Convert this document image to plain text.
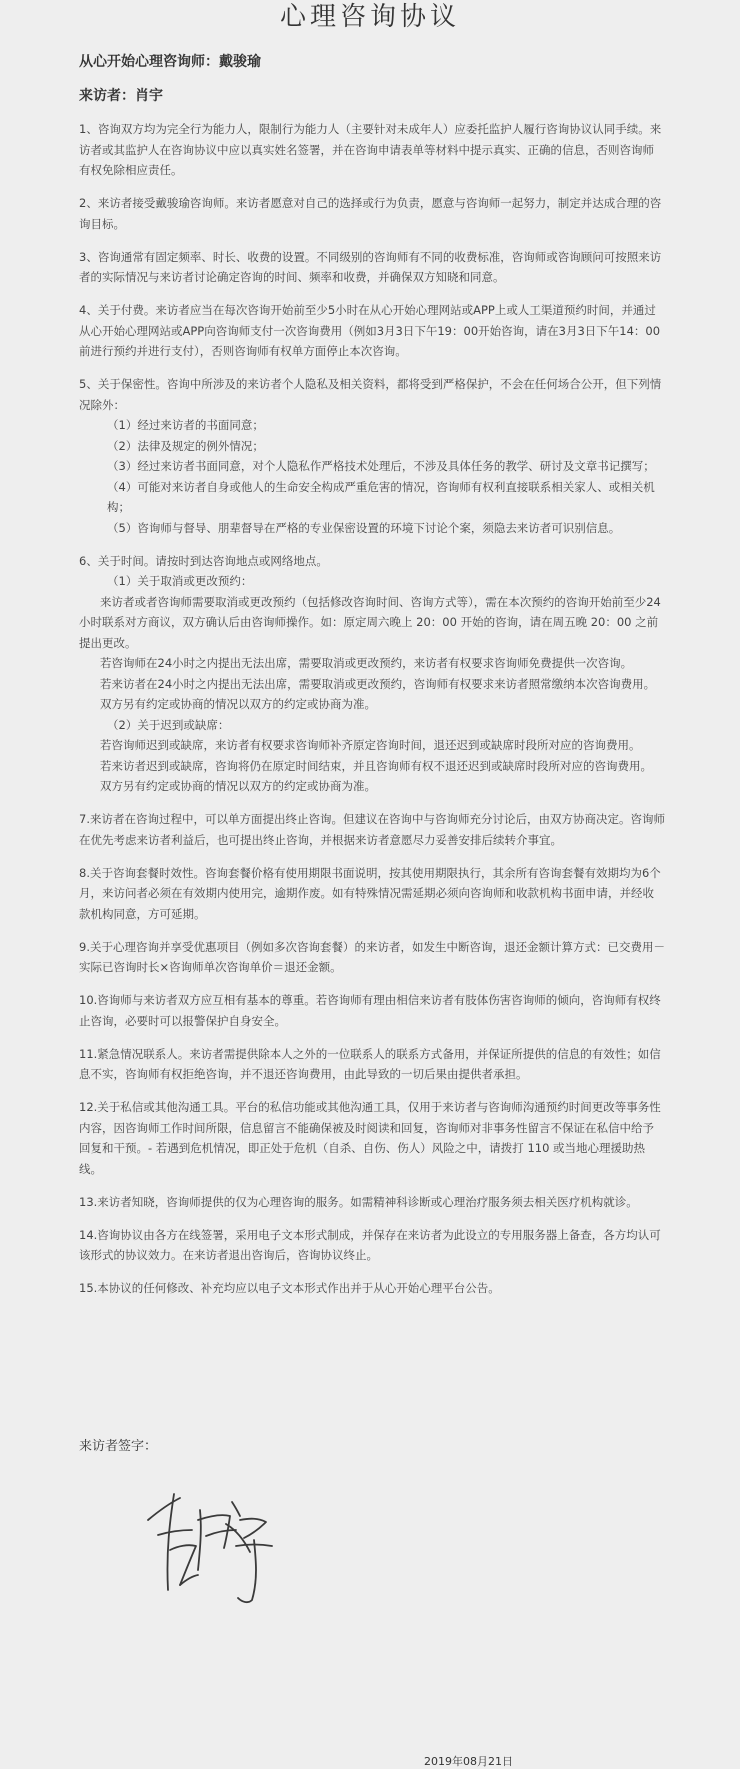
心理咨询协议
从心开始心理咨询师：戴骏瑜
来访者：肖宇

1、咨询双方均为完全行为能力人，限制行为能力人（主要针对未成年人）应委托监护人履行咨询协议认同手续。来访者或其监护人在咨询协议中应以真实姓名签署，并在咨询申请表单等材料中提示真实、正确的信息，否则咨询师有权免除相应责任。

2、来访者接受戴骏瑜咨询师。来访者愿意对自己的选择或行为负责，愿意与咨询师一起努力，制定并达成合理的咨询目标。

3、咨询通常有固定频率、时长、收费的设置。不同级别的咨询师有不同的收费标准，咨询师或咨询顾问可按照来访者的实际情况与来访者讨论确定咨询的时间、频率和收费，并确保双方知晓和同意。

4、关于付费。来访者应当在每次咨询开始前至少5小时在从心开始心理网站或APP上或人工渠道预约时间，并通过从心开始心理网站或APP向咨询师支付一次咨询费用（例如3月3日下午19：00开始咨询，请在3月3日下午14：00前进行预约并进行支付），否则咨询师有权单方面停止本次咨询。

5、关于保密性。咨询中所涉及的来访者个人隐私及相关资料，都将受到严格保护，不会在任何场合公开，但下列情况除外：

（1）经过来访者的书面同意；
（2）法律及规定的例外情况；
（3）经过来访者书面同意，对个人隐私作严格技术处理后，不涉及具体任务的教学、研讨及文章书记撰写；
（4）可能对来访者自身或他人的生命安全构成严重危害的情况，咨询师有权利直接联系相关家人、或相关机构；
（5）咨询师与督导、朋辈督导在严格的专业保密设置的环境下讨论个案，须隐去来访者可识别信息。

6、关于时间。请按时到达咨询地点或网络地点。

（1）关于取消或更改预约：
来访者或者咨询师需要取消或更改预约（包括修改咨询时间、咨询方式等），需在本次预约的咨询开始前至少24小时联系对方商议，双方确认后由咨询师操作。如：原定周六晚上 20：00 开始的咨询，请在周五晚 20：00 之前提出更改。
若咨询师在24小时之内提出无法出席，需要取消或更改预约，来访者有权要求咨询师免费提供一次咨询。
若来访者在24小时之内提出无法出席，需要取消或更改预约，咨询师有权要求来访者照常缴纳本次咨询费用。
双方另有约定或协商的情况以双方的约定或协商为准。
（2）关于迟到或缺席：
若咨询师迟到或缺席，来访者有权要求咨询师补齐原定咨询时间，退还迟到或缺席时段所对应的咨询费用。
若来访者迟到或缺席，咨询将仍在原定时间结束，并且咨询师有权不退还迟到或缺席时段所对应的咨询费用。
双方另有约定或协商的情况以双方的约定或协商为准。

7.来访者在咨询过程中，可以单方面提出终止咨询。但建议在咨询中与咨询师充分讨论后，由双方协商决定。咨询师在优先考虑来访者利益后，也可提出终止咨询，并根据来访者意愿尽力妥善安排后续转介事宜。

8.关于咨询套餐时效性。咨询套餐价格有使用期限书面说明，按其使用期限执行，其余所有咨询套餐有效期均为6个月，来访问者必须在有效期内使用完，逾期作废。如有特殊情况需延期必须向咨询师和收款机构书面申请，并经收款机构同意，方可延期。

9.关于心理咨询并享受优惠项目（例如多次咨询套餐）的来访者，如发生中断咨询，退还金额计算方式：已交费用－实际已咨询时长×咨询师单次咨询单价＝退还金额。

10.咨询师与来访者双方应互相有基本的尊重。若咨询师有理由相信来访者有肢体伤害咨询师的倾向，咨询师有权终止咨询，必要时可以报警保护自身安全。

11.紧急情况联系人。来访者需提供除本人之外的一位联系人的联系方式备用，并保证所提供的信息的有效性；如信息不实，咨询师有权拒绝咨询，并不退还咨询费用，由此导致的一切后果由提供者承担。

12.关于私信或其他沟通工具。平台的私信功能或其他沟通工具，仅用于来访者与咨询师沟通预约时间更改等事务性内容，因咨询师工作时间所限，信息留言不能确保被及时阅读和回复，咨询师对非事务性留言不保证在私信中给予回复和干预。- 若遇到危机情况，即正处于危机（自杀、自伤、伤人）风险之中，请拨打 110 或当地心理援助热线。

13.来访者知晓，咨询师提供的仅为心理咨询的服务。如需精神科诊断或心理治疗服务须去相关医疗机构就诊。

14.咨询协议由各方在线签署，采用电子文本形式制成，并保存在来访者为此设立的专用服务器上备查，各方均认可该形式的协议效力。在来访者退出咨询后，咨询协议终止。

15.本协议的任何修改、补充均应以电子文本形式作出并于从心开始心理平台公告。

来访者签字：
2019年08月21日
